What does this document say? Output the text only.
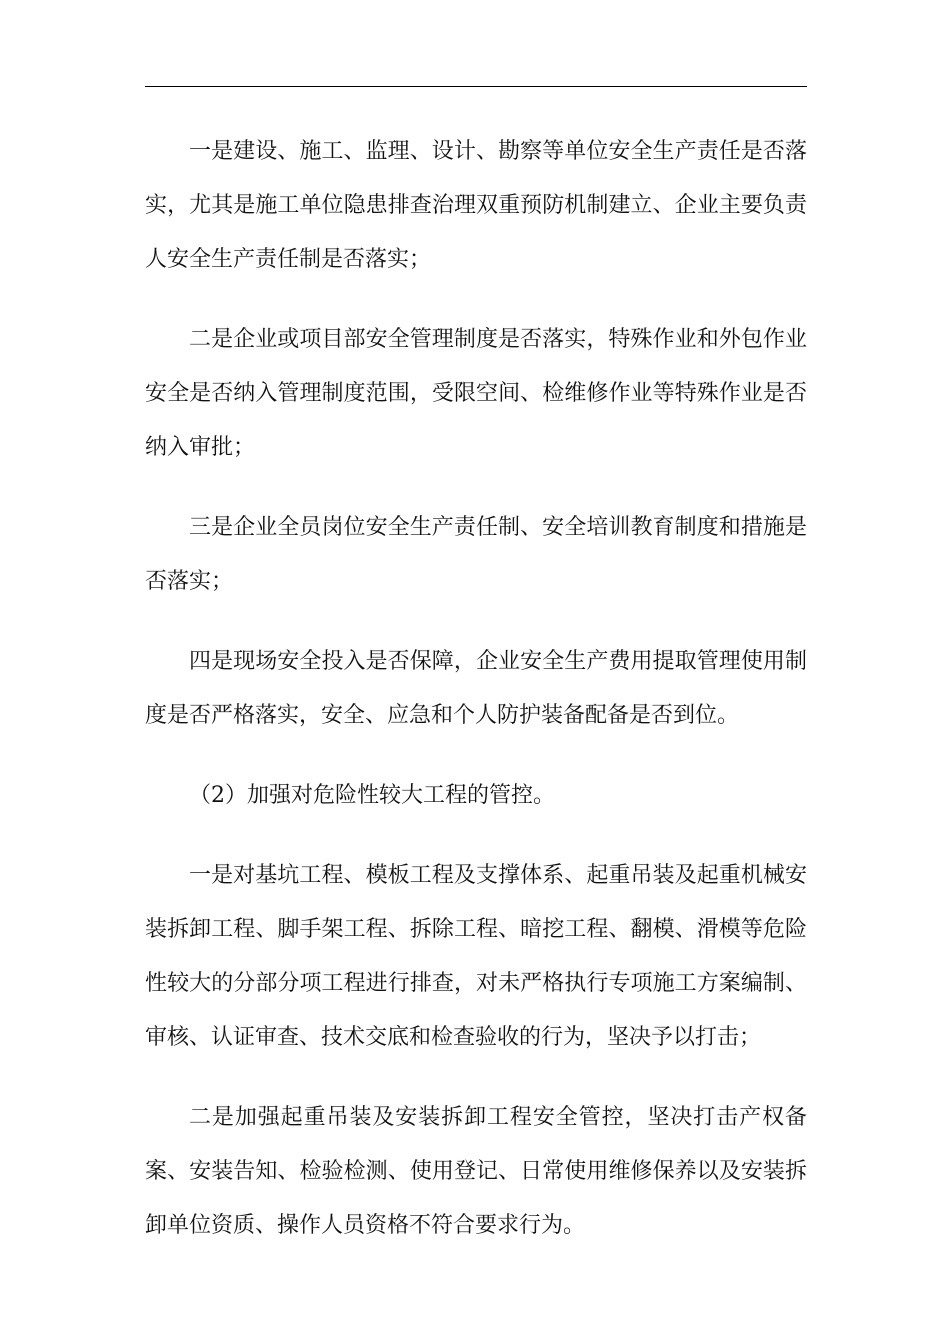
一是建设、施工、监理、设计、勘察等单位安全生产责任是否落实，尤其是施工单位隐患排查治理双重预防机制建立、企业主要负责人安全生产责任制是否落实；

二是企业或项目部安全管理制度是否落实，特殊作业和外包作业安全是否纳入管理制度范围，受限空间、检维修作业等特殊作业是否纳入审批；

三是企业全员岗位安全生产责任制、安全培训教育制度和措施是否落实；

四是现场安全投入是否保障，企业安全生产费用提取管理使用制度是否严格落实，安全、应急和个人防护装备配备是否到位。

（2）加强对危险性较大工程的管控。

一是对基坑工程、模板工程及支撑体系、起重吊装及起重机械安装拆卸工程、脚手架工程、拆除工程、暗挖工程、翻模、滑模等危险性较大的分部分项工程进行排查，对未严格执行专项施工方案编制、审核、认证审查、技术交底和检查验收的行为，坚决予以打击；

二是加强起重吊装及安装拆卸工程安全管控，坚决打击产权备案、安装告知、检验检测、使用登记、日常使用维修保养以及安装拆卸单位资质、操作人员资格不符合要求行为。
